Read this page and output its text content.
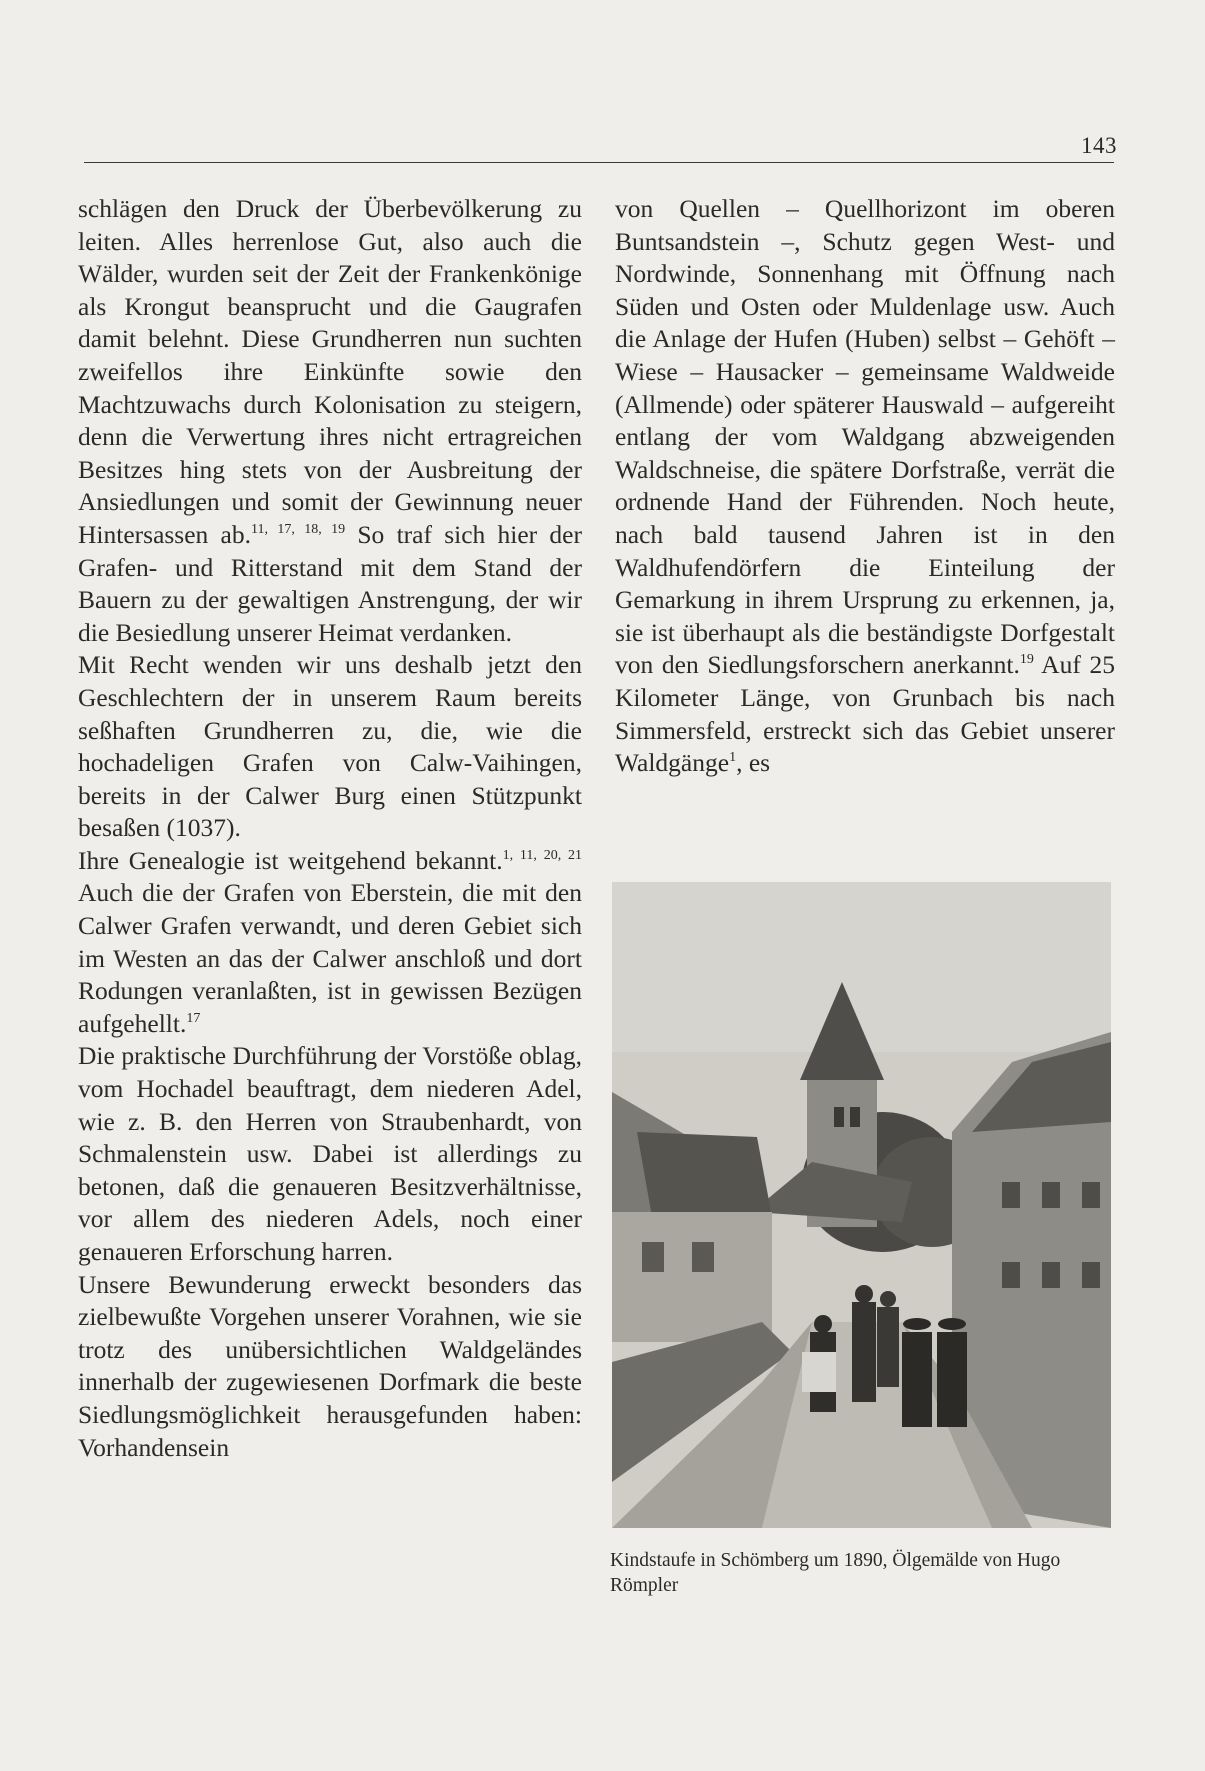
143

schlägen den Druck der Überbevölkerung zu leiten. Alles herrenlose Gut, also auch die Wälder, wurden seit der Zeit der Frankenkönige als Krongut beansprucht und die Gaugrafen damit belehnt. Diese Grundherren nun suchten zweifellos ihre Einkünfte sowie den Machtzuwachs durch Kolonisation zu steigern, denn die Verwertung ihres nicht ertragreichen Besitzes hing stets von der Ausbreitung der Ansiedlungen und somit der Gewinnung neuer Hintersassen ab.$^{11, 17, 18, 19}$ So traf sich hier der Grafen- und Ritterstand mit dem Stand der Bauern zu der gewaltigen Anstrengung, der wir die Besiedlung unserer Heimat verdanken.

Mit Recht wenden wir uns deshalb jetzt den Geschlechtern der in unserem Raum bereits seßhaften Grundherren zu, die, wie die hochadeligen Grafen von Calw-Vaihingen, bereits in der Calwer Burg einen Stützpunkt besaßen (1037).

Ihre Genealogie ist weitgehend bekannt.$^{1, 11, 20, 21}$ Auch die der Grafen von Eberstein, die mit den Calwer Grafen verwandt, und deren Gebiet sich im Westen an das der Calwer anschloß und dort Rodungen veranlaßten, ist in gewissen Bezügen aufgehellt.$^{17}$

Die praktische Durchführung der Vorstöße oblag, vom Hochadel beauftragt, dem niederen Adel, wie z. B. den Herren von Straubenhardt, von Schmalenstein usw. Dabei ist allerdings zu betonen, daß die genaueren Besitzverhältnisse, vor allem des niederen Adels, noch einer genaueren Erforschung harren.

Unsere Bewunderung erweckt besonders das zielbewußte Vorgehen unserer Vorahnen, wie sie trotz des unübersichtlichen Waldgeländes innerhalb der zugewiesenen Dorfmark die beste Siedlungsmöglichkeit herausgefunden haben: Vorhandensein

von Quellen – Quellhorizont im oberen Buntsandstein –, Schutz gegen West- und Nordwinde, Sonnenhang mit Öffnung nach Süden und Osten oder Muldenlage usw. Auch die Anlage der Hufen (Huben) selbst – Gehöft – Wiese – Hausacker – gemeinsame Waldweide (Allmende) oder späterer Hauswald – aufgereiht entlang der vom Waldgang abzweigenden Waldschneise, die spätere Dorfstraße, verrät die ordnende Hand der Führenden. Noch heute, nach bald tausend Jahren ist in den Waldhufendörfern die Einteilung der Gemarkung in ihrem Ursprung zu erkennen, ja, sie ist überhaupt als die beständigste Dorfgestalt von den Siedlungsforschern anerkannt.$^{19}$ Auf 25 Kilometer Länge, von Grunbach bis nach Simmersfeld, erstreckt sich das Gebiet unserer Waldgänge$^1$, es

Kindstaufe in Schömberg um 1890, Ölgemälde von Hugo Römpler
